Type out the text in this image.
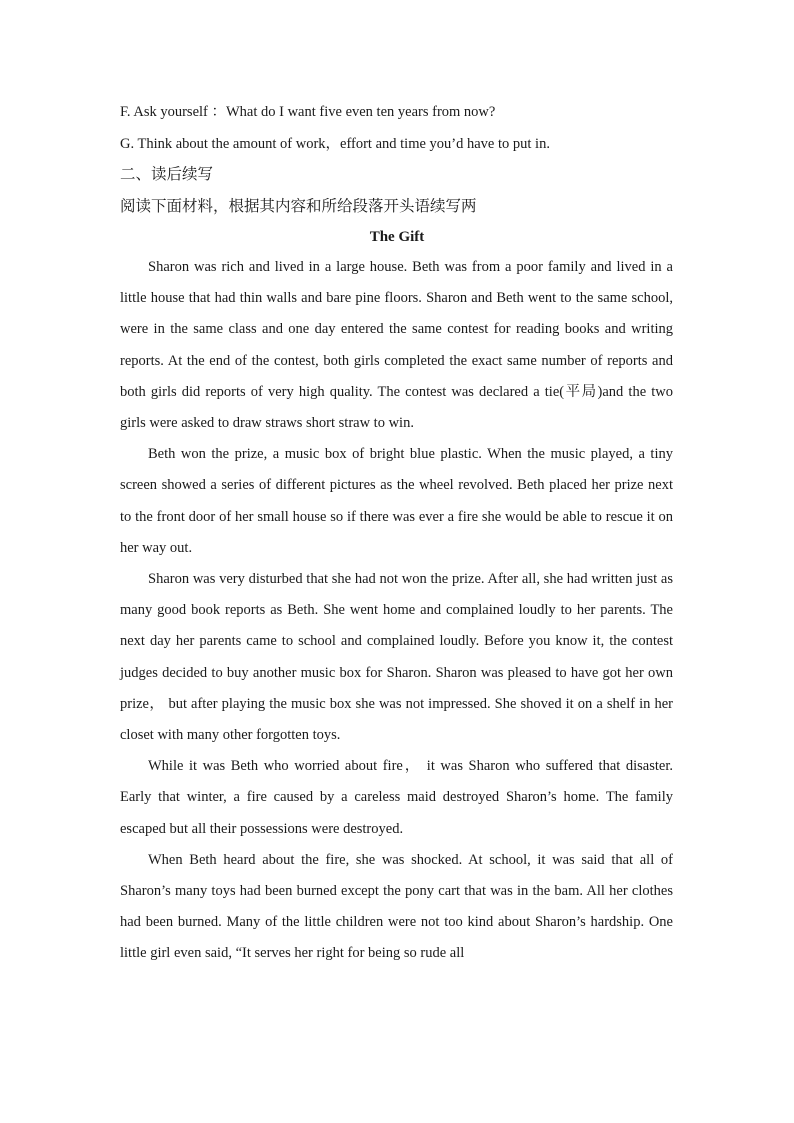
F. Ask yourself ：What do I want five even ten years from now?
G. Think about the amount of work，effort and time you’d have to put in.
二、读后续写
阅读下面材料，根据其内容和所给段落开头语续写两
The Gift

Sharon was rich and lived in a large house. Beth was from a poor family and lived in a little house that had thin walls and bare pine floors. Sharon and Beth went to the same school, were in the same class and one day entered the same contest for reading books and writing reports. At the end of the contest, both girls completed the exact same number of reports and both girls did reports of very high quality. The contest was declared a tie(平局)and the two girls were asked to draw straws short straw to win.

Beth won the prize, a music box of bright blue plastic. When the music played, a tiny screen showed a series of different pictures as the wheel revolved. Beth placed her prize next to the front door of her small house so if there was ever a fire she would be able to rescue it on her way out.

Sharon was very disturbed that she had not won the prize. After all, she had written just as many good book reports as Beth. She went home and complained loudly to her parents. The next day her parents came to school and complained loudly. Before you know it, the contest judges decided to buy another music box for Sharon. Sharon was pleased to have got her own prize， but after playing the music box she was not impressed. She shoved it on a shelf in her closet with many other forgotten toys.

While it was Beth who worried about fire， it was Sharon who suffered that disaster. Early that winter, a fire caused by a careless maid destroyed Sharon’s home. The family escaped but all their possessions were destroyed.

When Beth heard about the fire, she was shocked. At school, it was said that all of Sharon’s many toys had been burned except the pony cart that was in the bam. All her clothes had been burned. Many of the little children were not too kind about Sharon’s hardship. One little girl even said, “It serves her right for being so rude all
